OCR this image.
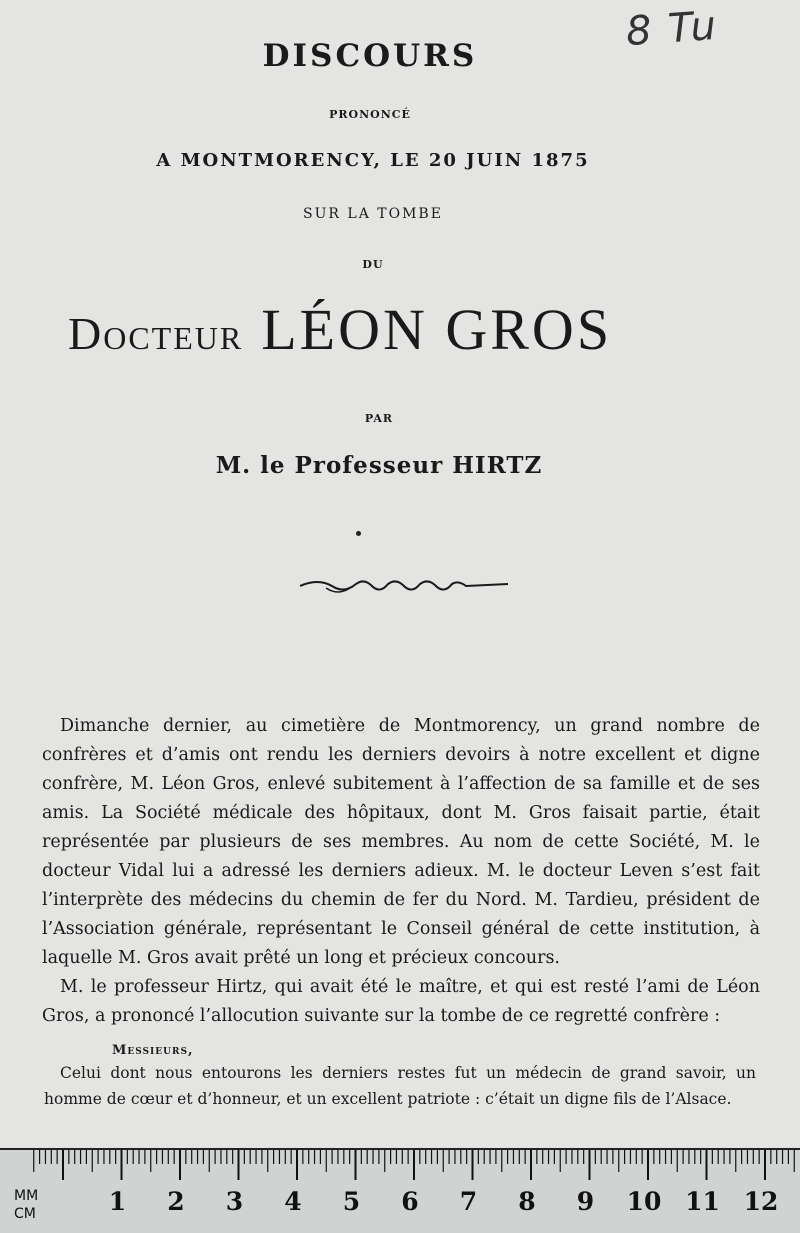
8 Tu
DISCOURS
PRONONCÉ
A MONTMORENCY, LE 20 JUIN 1875
SUR LA TOMBE
DU
Docteur LÉON GROS
PAR
M. le Professeur HIRTZ

Dimanche dernier, au cimetière de Montmorency, un grand nombre de confrères et d’amis ont rendu les derniers devoirs à notre excellent et digne confrère, M. Léon Gros, enlevé subitement à l’affection de sa famille et de ses amis. La Société médicale des hôpitaux, dont M. Gros faisait partie, était représentée par plusieurs de ses membres. Au nom de cette Société, M. le docteur Vidal lui a adressé les derniers adieux. M. le docteur Leven s’est fait l’interprète des médecins du chemin de fer du Nord. M. Tardieu, président de l’Association générale, représentant le Conseil général de cette institution, à laquelle M. Gros avait prêté un long et précieux concours.

M. le professeur Hirtz, qui avait été le maître, et qui est resté l’ami de Léon Gros, a prononcé l’allocution suivante sur la tombe de ce regretté confrère :

Messieurs,

Celui dont nous entourons les derniers restes fut un médecin de grand savoir, un homme de cœur et d’honneur, et un excellent patriote : c’était un digne fils de l’Alsace.

1 2 3 4 5 6 7 8 9 10 11 12
MM
CM
